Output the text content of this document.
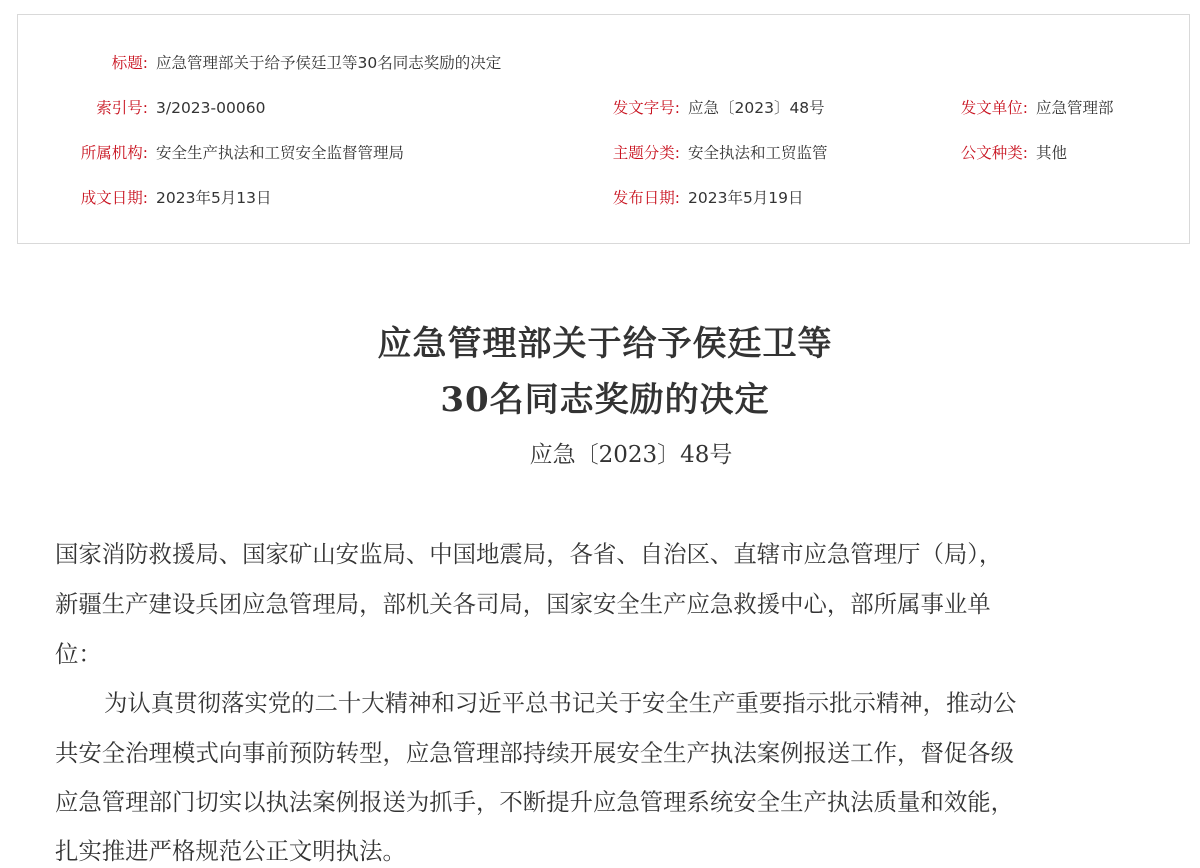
标题: 应急管理部关于给予侯廷卫等30名同志奖励的决定
索引号: 3/2023-00060	发文字号: 应急〔2023〕48号	发文单位: 应急管理部
所属机构: 安全生产执法和工贸安全监督管理局	主题分类: 安全执法和工贸监管	公文种类: 其他
成文日期: 2023年5月13日	发布日期: 2023年5月19日
应急管理部关于给予侯廷卫等
30名同志奖励的决定
应急〔2023〕48号
国家消防救援局、国家矿山安监局、中国地震局，各省、自治区、直辖市应急管理厅（局），
新疆生产建设兵团应急管理局，部机关各司局，国家安全生产应急救援中心，部所属事业单
位：
为认真贯彻落实党的二十大精神和习近平总书记关于安全生产重要指示批示精神，推动公
共安全治理模式向事前预防转型，应急管理部持续开展安全生产执法案例报送工作，督促各级
应急管理部门切实以执法案例报送为抓手，不断提升应急管理系统安全生产执法质量和效能，
扎实推进严格规范公正文明执法。
